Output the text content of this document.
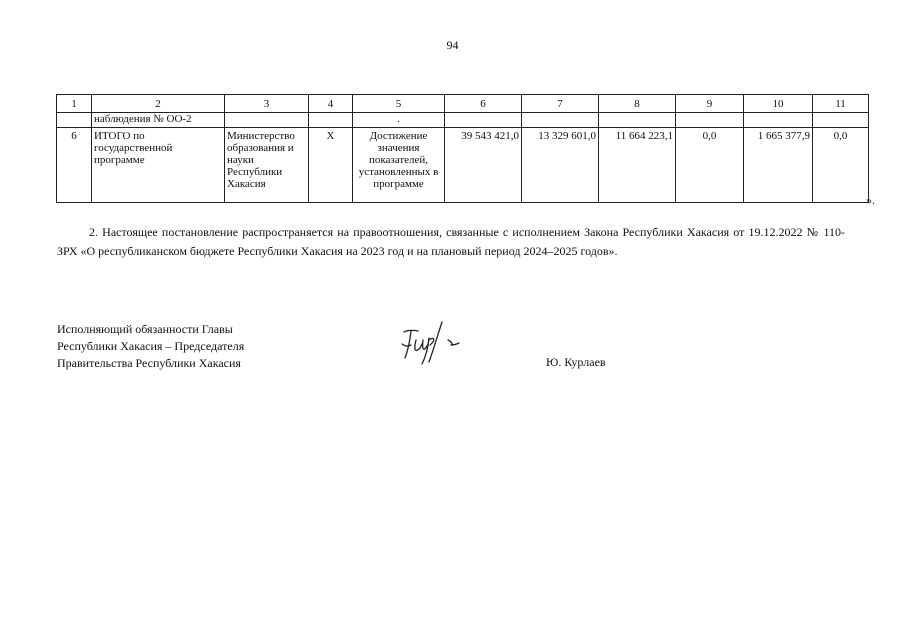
94
1	2	3	4	5	6	7	8	9	10	11
	наблюдения № ОО-2			.						
6	ИТОГО по государственной программе	Министерство образования и науки Республики Хакасия	Х	Достижение значения показателей, установленных в программе	39 543 421,0	13 329 601,0	11 664 223,1	0,0	1 665 377,9	0,0
».
2. Настоящее постановление распространяется на правоотношения, связанные с исполнением Закона Республики Хакасия от 19.12.2022 № 110-ЗРХ «О республиканском бюджете Республики Хакасия на 2023 год и на плановый период 2024–2025 годов».
Исполняющий обязанности Главы
Республики Хакасия – Председателя
Правительства Республики Хакасия	Ю. Курлаев
